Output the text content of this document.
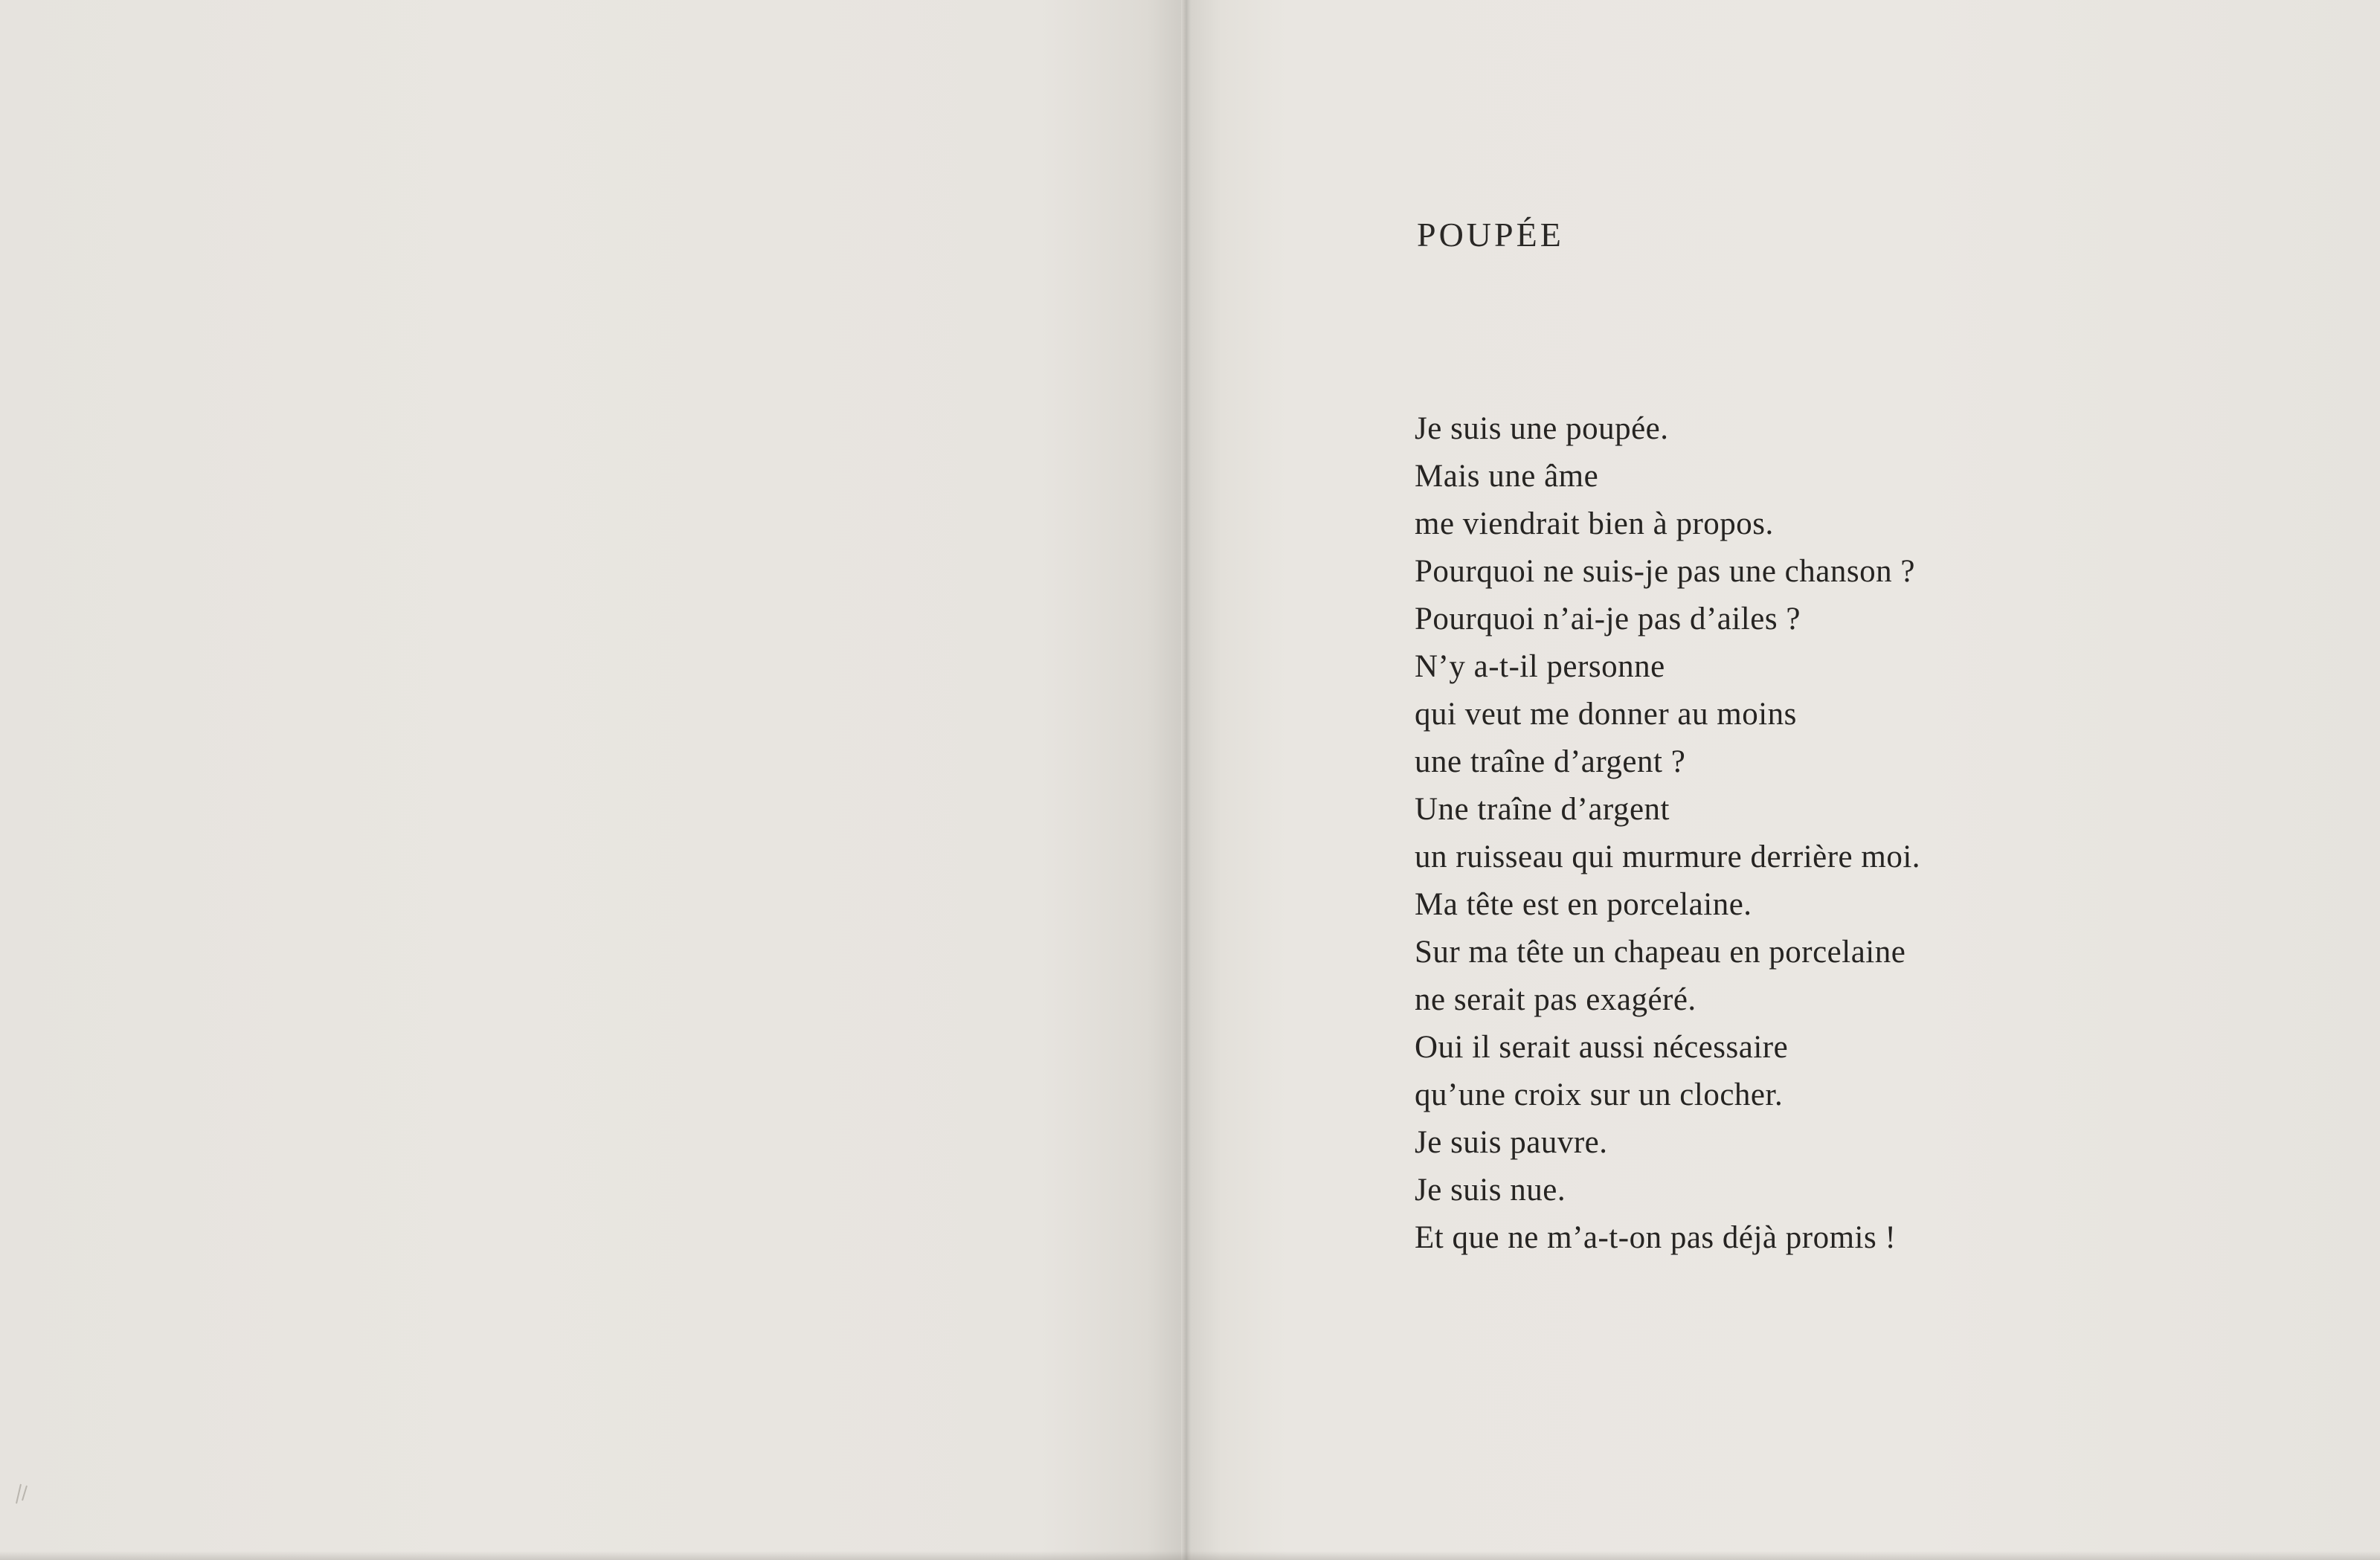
POUPÉE
Je suis une poupée.
Mais une âme
me viendrait bien à propos.
Pourquoi ne suis-je pas une chanson ?
Pourquoi n’ai-je pas d’ailes ?
N’y a-t-il personne
qui veut me donner au moins
une traîne d’argent ?
Une traîne d’argent
un ruisseau qui murmure derrière moi.
Ma tête est en porcelaine.
Sur ma tête un chapeau en porcelaine
ne serait pas exagéré.
Oui il serait aussi nécessaire
qu’une croix sur un clocher.
Je suis pauvre.
Je suis nue.
Et que ne m’a-t-on pas déjà promis !
